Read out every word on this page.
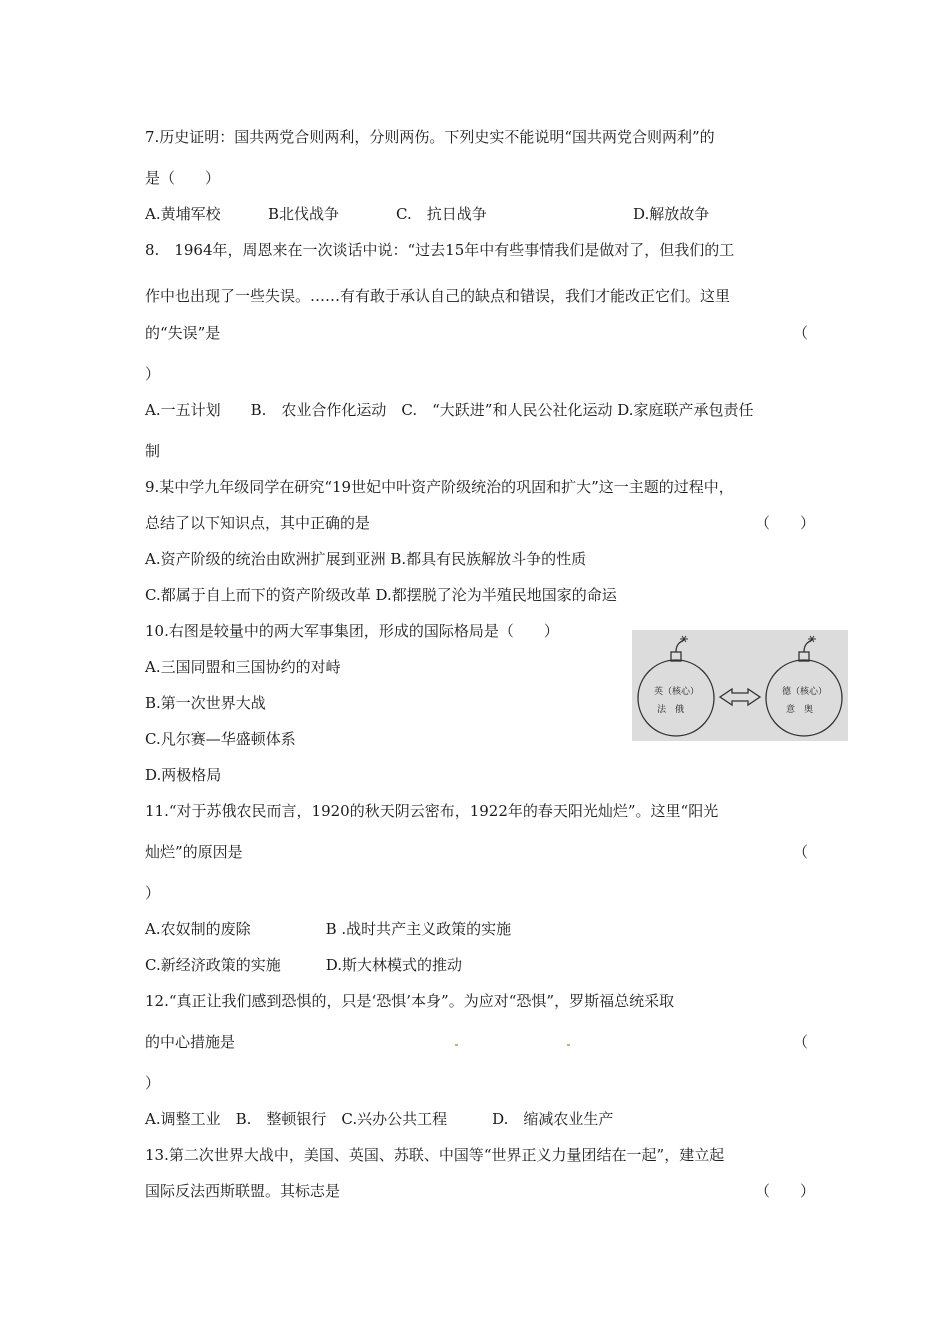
7.历史证明：国共两党合则两利，分则两伤。下列史实不能说明“国共两党合则两利”的
是（　　）
A.黄埔军校	B北伐战争	C.　抗日战争	D.解放故争
8.　1964年，周恩来在一次谈话中说：“过去15年中有些事情我们是做对了，但我们的工
作中也出现了一些失误。……有有敢于承认自己的缺点和错误，我们才能改正它们。这里
的“失误”是	（
）
A.一五计划　　B.　农业合作化运动　C.　“大跃进”和人民公社化运动 D.家庭联产承包责任
制
9.某中学九年级同学在研究“19世妃中叶资产阶级统治的巩固和扩大”这一主题的过程中，
总结了以下知识点，其中正确的是	（　　）
A.资产阶级的统治由欧洲扩展到亚洲 B.都具有民族解放斗争的性质
C.都属于自上而下的资产阶级改革 D.都摆脱了沦为半殖民地国家的命运
10.右图是较量中的两大军事集团，形成的国际格局是（　　）
A.三国同盟和三国协约的对峙
B.第一次世界大战
C.凡尔赛—华盛顿体系
D.两极格局
英（核心）
法　俄
德（核心）
意　奥
11.“对于苏俄农民而言，1920的秋天阴云密布，1922年的春天阳光灿烂”。这里“阳光
灿烂”的原因是	（
）
A.农奴制的废除　　　　　B .战时共产主义政策的实施
C.新经济政策的实施　　　D.斯大林模式的推动
12.“真正让我们感到恐惧的，只是‘恐惧’本身”。为应对“恐惧”，罗斯福总统采取
的中心措施是	（
）
A.调整工业　B.　整顿银行　C.兴办公共工程　　　D.　缩减农业生产
13.第二次世界大战中，美国、英国、苏联、中国等“世界正义力量团结在一起”，建立起
国际反法西斯联盟。其标志是	（　　）
